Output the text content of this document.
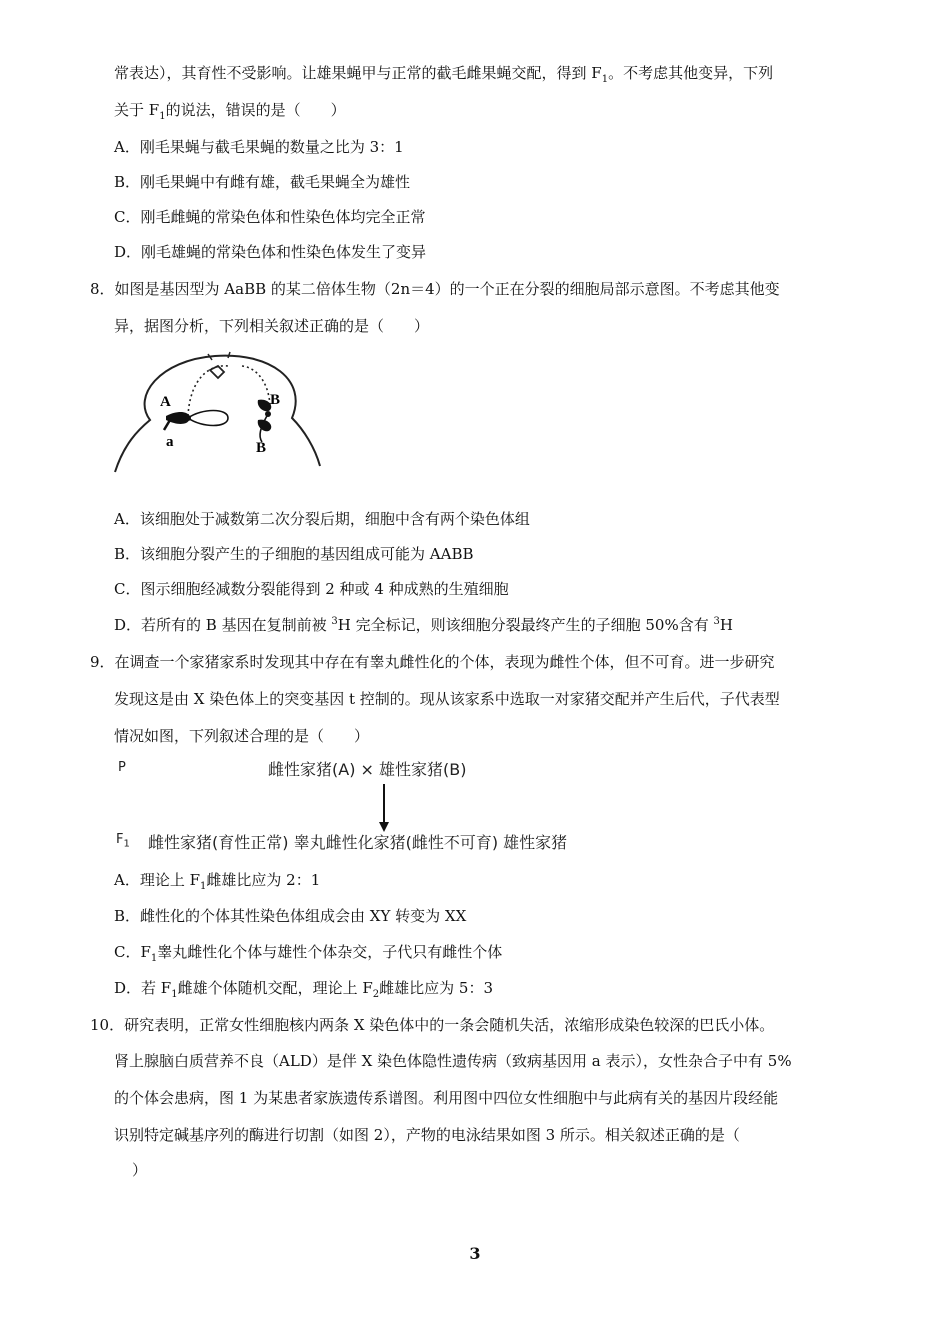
常表达），其育性不受影响。让雄果蝇甲与正常的截毛雌果蝇交配，得到 $F_1$。不考虑其他变异，下列
关于 $F_1$的说法，错误的是（　　）
A．刚毛果蝇与截毛果蝇的数量之比为 3：1
B．刚毛果蝇中有雌有雄，截毛果蝇全为雄性
C．刚毛雌蝇的常染色体和性染色体均完全正常
D．刚毛雄蝇的常染色体和性染色体发生了变异
8．如图是基因型为 AaBB 的某二倍体生物（2n＝4）的一个正在分裂的细胞局部示意图。不考虑其他变
异，据图分析，下列相关叙述正确的是（　　）
A
a
B
B
A．该细胞处于减数第二次分裂后期，细胞中含有两个染色体组
B．该细胞分裂产生的子细胞的基因组成可能为 AABB
C．图示细胞经减数分裂能得到 2 种或 4 种成熟的生殖细胞
D．若所有的 B 基因在复制前被 $^3$H 完全标记，则该细胞分裂最终产生的子细胞 50%含有 $^3$H
9．在调查一个家猪家系时发现其中存在有睾丸雌性化的个体，表现为雌性个体，但不可育。进一步研究
发现这是由 X 染色体上的突变基因 t 控制的。现从该家系中选取一对家猪交配并产生后代，子代表型
情况如图，下列叙述合理的是（　　）
P	雌性家猪(A) × 雄性家猪(B)
$F_1$ 雌性家猪(育性正常) 睾丸雌性化家猪(雌性不可育) 雄性家猪
A．理论上 $F_1$雌雄比应为 2：1
B．雌性化的个体其性染色体组成会由 XY 转变为 XX
C．$F_1$睾丸雌性化个体与雄性个体杂交，子代只有雌性个体
D．若 $F_1$雌雄个体随机交配，理论上 $F_2$雌雄比应为 5：3
10．研究表明，正常女性细胞核内两条 X 染色体中的一条会随机失活，浓缩形成染色较深的巴氏小体。
肾上腺脑白质营养不良（ALD）是伴 X 染色体隐性遗传病（致病基因用 a 表示），女性杂合子中有 5%
的个体会患病，图 1 为某患者家族遗传系谱图。利用图中四位女性细胞中与此病有关的基因片段经能
识别特定碱基序列的酶进行切割（如图 2），产物的电泳结果如图 3 所示。相关叙述正确的是（
）
3
